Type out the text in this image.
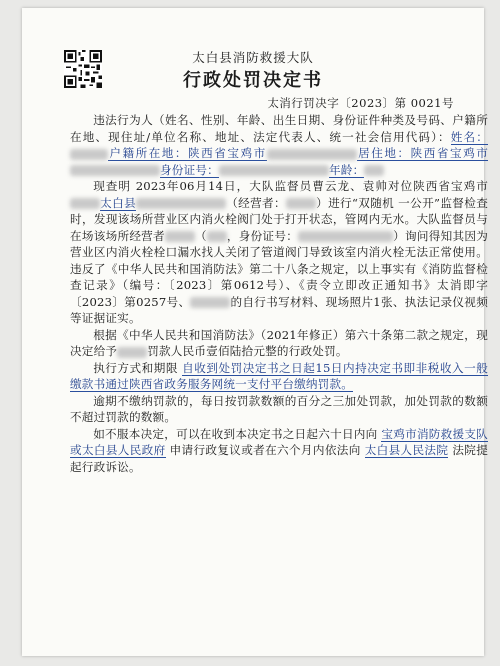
太白县消防救援大队
行政处罚决定书
太消行罚决字〔2023〕第 0021号

违法行为人（姓名、性别、年龄、出生日期、身份证件种类及号码、户籍所在地、现住址/单位名称、地址、法定代表人、统一社会信用代码）：姓名：户籍所在地：陕西省宝鸡市	居住地：陕西省宝鸡市身份证号：	年龄：

现查明 2023年06月14日，大队监督员曹云龙、袁帅对位陕西省宝鸡市太白县	（经营者：	）进行“双随机 一公开”监督检查时，发现该场所营业区内消火栓阀门处于打开状态，管网内无水。大队监督员与在场该场所经营者	（ ，身份证号：	）询问得知其因为营业区内消火栓栓口漏水找人关闭了管道阀门导致该室内消火栓无法正常使用。违反了《中华人民共和国消防法》第二十八条之规定，以上事实有《消防监督检查记录》（编号：〔2023〕第0612号）、《责令立即改正通知书》太消即字〔2023〕第0257号、	的自行书写材料、现场照片1张、执法记录仪视频等证据证实。

根据《中华人民共和国消防法》（2021年修正）第六十条第二款之规定，现决定给予	罚款人民币壹佰陆拾元整的行政处罚。

执行方式和期限 自收到处罚决定书之日起15日内持决定书即非税收入一般缴款书通过陕西省政务服务网统一支付平台缴纳罚款。

逾期不缴纳罚款的，每日按罚款数额的百分之三加处罚款，加处罚款的数额不超过罚款的数额。

如不服本决定，可以在收到本决定书之日起六十日内向 宝鸡市消防救援支队或太白县人民政府 申请行政复议或者在六个月内依法向 太白县人民法院 法院提起行政诉讼。
